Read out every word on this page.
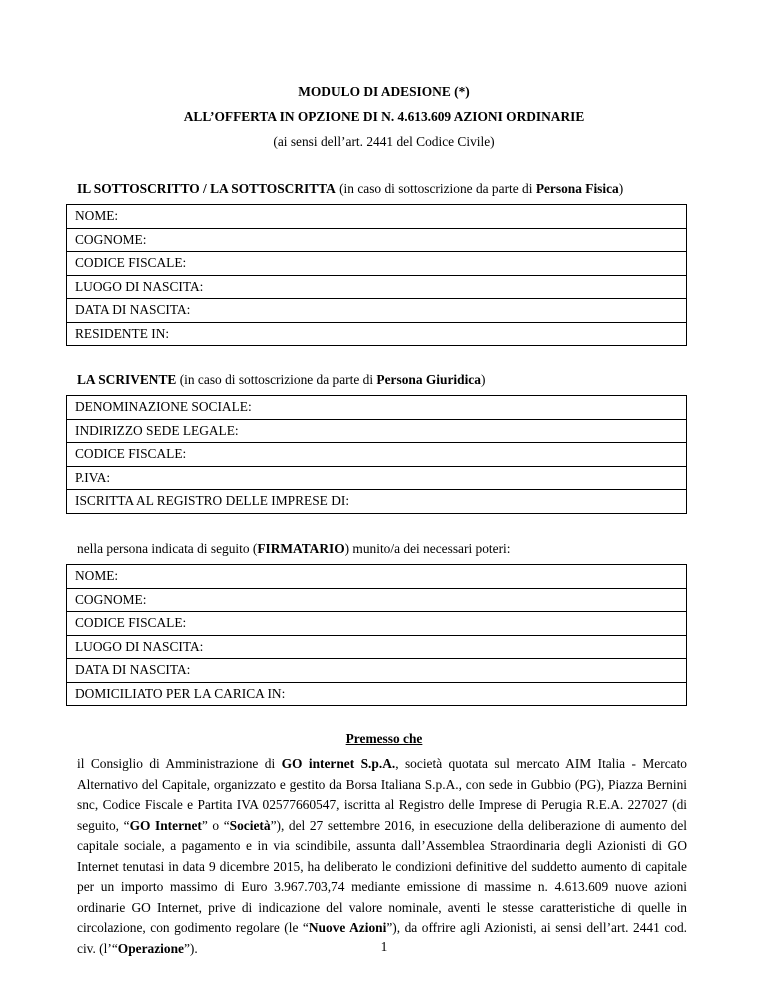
MODULO DI ADESIONE (*)
ALL’OFFERTA IN OPZIONE DI N. 4.613.609 AZIONI ORDINARIE
(ai sensi dell’art. 2441 del Codice Civile)
IL SOTTOSCRITTO / LA SOTTOSCRITTA (in caso di sottoscrizione da parte di Persona Fisica)
NOME:
COGNOME:
CODICE FISCALE:
LUOGO DI NASCITA:
DATA DI NASCITA:
RESIDENTE IN:
LA SCRIVENTE (in caso di sottoscrizione da parte di Persona Giuridica)
DENOMINAZIONE SOCIALE:
INDIRIZZO SEDE LEGALE:
CODICE FISCALE:
P.IVA:
ISCRITTA AL REGISTRO DELLE IMPRESE DI:
nella persona indicata di seguito (FIRMATARIO) munito/a dei necessari poteri:
NOME:
COGNOME:
CODICE FISCALE:
LUOGO DI NASCITA:
DATA DI NASCITA:
DOMICILIATO PER LA CARICA IN:
Premesso che

il Consiglio di Amministrazione di GO internet S.p.A., società quotata sul mercato AIM Italia - Mercato Alternativo del Capitale, organizzato e gestito da Borsa Italiana S.p.A., con sede in Gubbio (PG), Piazza Bernini snc, Codice Fiscale e Partita IVA 02577660547, iscritta al Registro delle Imprese di Perugia R.E.A. 227027 (di seguito, “GO Internet” o “Società”), del 27 settembre 2016, in esecuzione della deliberazione di aumento del capitale sociale, a pagamento e in via scindibile, assunta dall’Assemblea Straordinaria degli Azionisti di GO Internet tenutasi in data 9 dicembre 2015, ha deliberato le condizioni definitive del suddetto aumento di capitale per un importo massimo di Euro 3.967.703,74 mediante emissione di massime n. 4.613.609 nuove azioni ordinarie GO Internet, prive di indicazione del valore nominale, aventi le stesse caratteristiche di quelle in circolazione, con godimento regolare (le “Nuove Azioni”), da offrire agli Azionisti, ai sensi dell’art. 2441 cod. civ. (l’“Operazione”).	1
